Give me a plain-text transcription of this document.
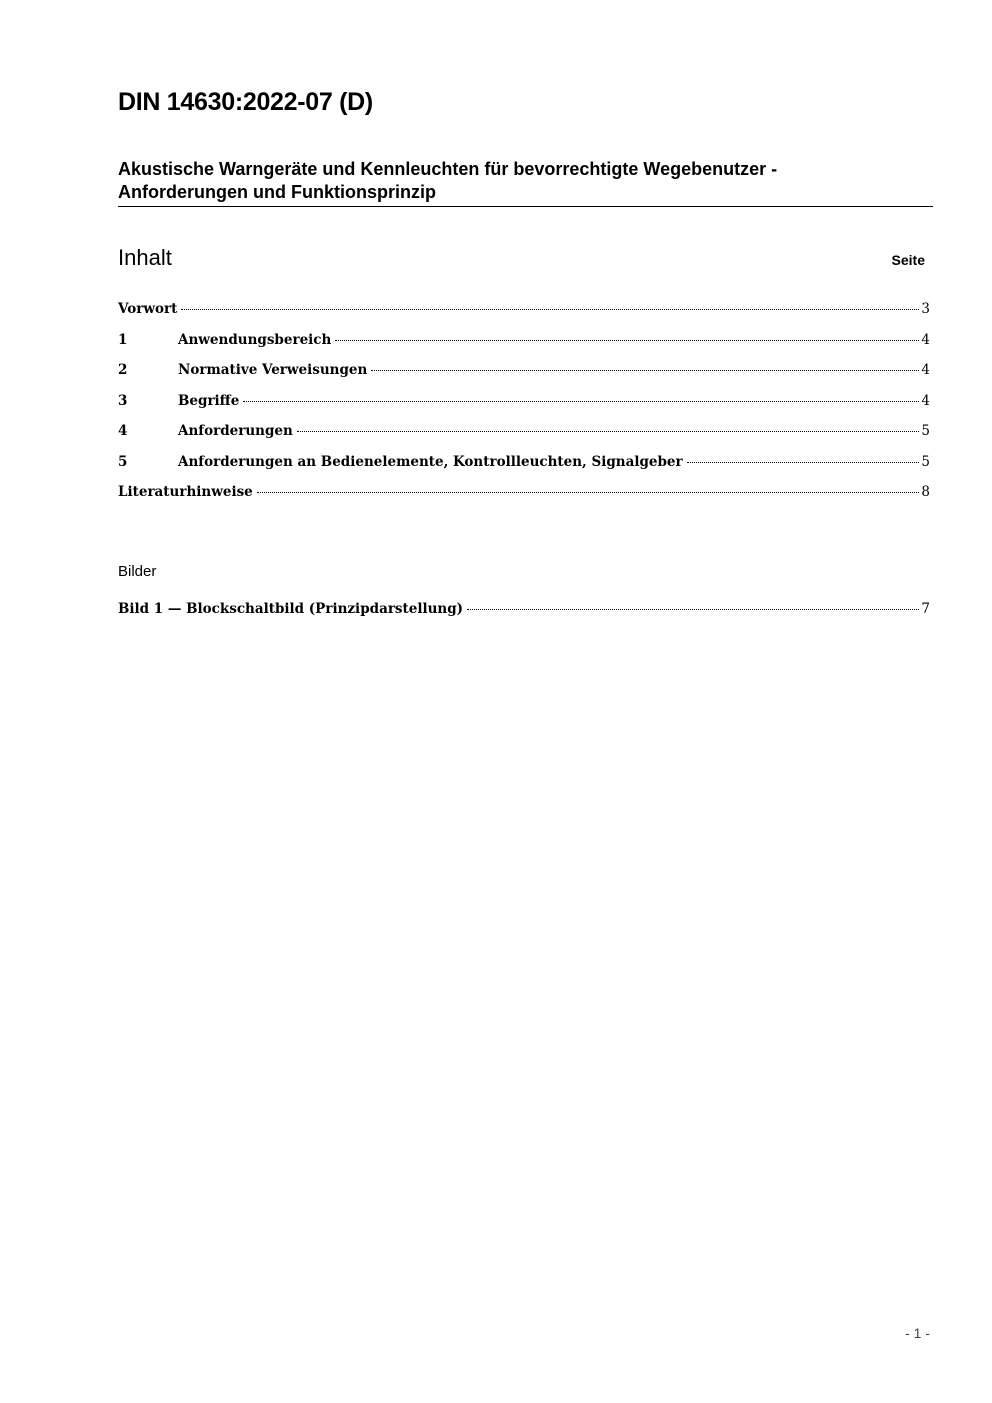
DIN 14630:2022-07 (D)
Akustische Warngeräte und Kennleuchten für bevorrechtigte Wegebenutzer -
Anforderungen und Funktionsprinzip
Inhalt	Seite
Vorwort	3
1	Anwendungsbereich	4
2	Normative Verweisungen	4
3	Begriffe	4
4	Anforderungen	5
5	Anforderungen an Bedienelemente, Kontrollleuchten, Signalgeber	5
Literaturhinweise	8
Bilder
Bild 1 — Blockschaltbild (Prinzipdarstellung)	7
- 1 -
